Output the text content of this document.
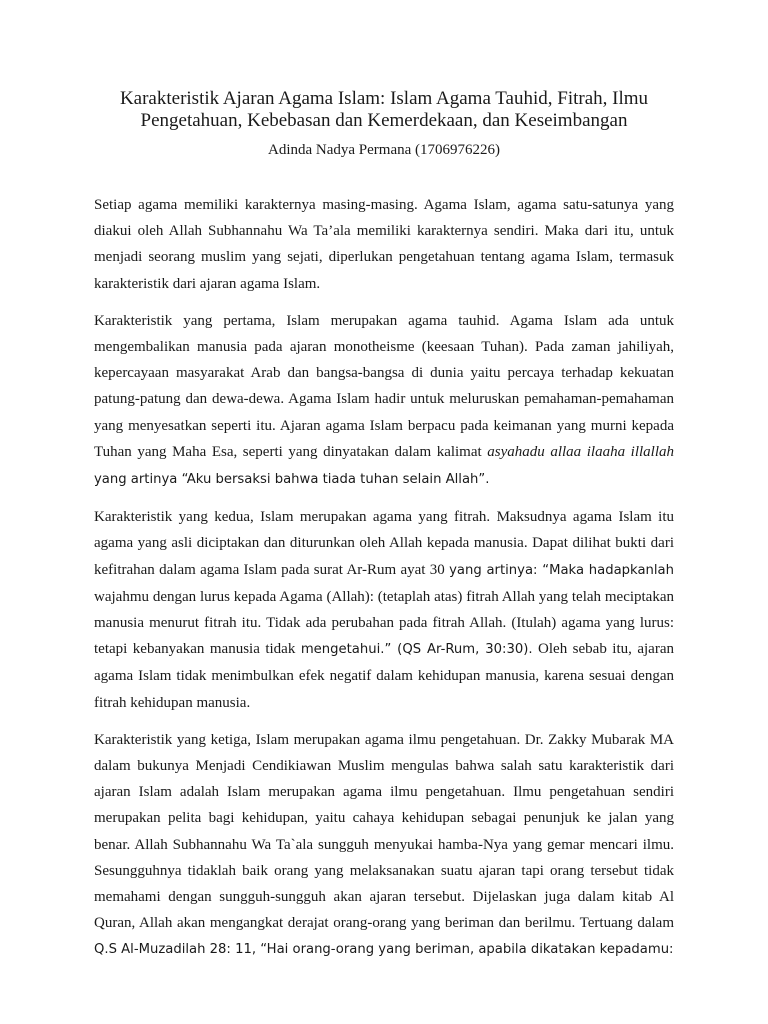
Karakteristik Ajaran Agama Islam: Islam Agama Tauhid, Fitrah, Ilmu Pengetahuan, Kebebasan dan Kemerdekaan, dan Keseimbangan
Adinda Nadya Permana (1706976226)

Setiap agama memiliki karakternya masing-masing. Agama Islam, agama satu-satunya yang diakui oleh Allah Subhannahu Wa Ta’ala memiliki karakternya sendiri. Maka dari itu, untuk menjadi seorang muslim yang sejati, diperlukan pengetahuan tentang agama Islam, termasuk karakteristik dari ajaran agama Islam.

Karakteristik yang pertama, Islam merupakan agama tauhid. Agama Islam ada untuk mengembalikan manusia pada ajaran monotheisme (keesaan Tuhan). Pada zaman jahiliyah, kepercayaan masyarakat Arab dan bangsa-bangsa di dunia yaitu percaya terhadap kekuatan patung-patung dan dewa-dewa. Agama Islam hadir untuk meluruskan pemahaman-pemahaman yang menyesatkan seperti itu. Ajaran agama Islam berpacu pada keimanan yang murni kepada Tuhan yang Maha Esa, seperti yang dinyatakan dalam kalimat asyahadu allaa ilaaha illallah yang artinya “Aku bersaksi bahwa tiada tuhan selain Allah”.

Karakteristik yang kedua, Islam merupakan agama yang fitrah. Maksudnya agama Islam itu agama yang asli diciptakan dan diturunkan oleh Allah kepada manusia. Dapat dilihat bukti dari kefitrahan dalam agama Islam pada surat Ar-Rum ayat 30 yang artinya: “Maka hadapkanlah wajahmu dengan lurus kepada Agama (Allah): (tetaplah atas) fitrah Allah yang telah meciptakan manusia menurut fitrah itu. Tidak ada perubahan pada fitrah Allah. (Itulah) agama yang lurus: tetapi kebanyakan manusia tidak mengetahui.” (QS Ar-Rum, 30:30). Oleh sebab itu, ajaran agama Islam tidak menimbulkan efek negatif dalam kehidupan manusia, karena sesuai dengan fitrah kehidupan manusia.

Karakteristik yang ketiga, Islam merupakan agama ilmu pengetahuan. Dr. Zakky Mubarak MA dalam bukunya Menjadi Cendikiawan Muslim mengulas bahwa salah satu karakteristik dari ajaran Islam adalah Islam merupakan agama ilmu pengetahuan. Ilmu pengetahuan sendiri merupakan pelita bagi kehidupan, yaitu cahaya kehidupan sebagai penunjuk ke jalan yang benar. Allah Subhannahu Wa Ta`ala sungguh menyukai hamba-Nya yang gemar mencari ilmu. Sesungguhnya tidaklah baik orang yang melaksanakan suatu ajaran tapi orang tersebut tidak memahami dengan sungguh-sungguh akan ajaran tersebut. Dijelaskan juga dalam kitab Al Quran, Allah akan mengangkat derajat orang-orang yang beriman dan berilmu. Tertuang dalam Q.S Al-Muzadilah 28: 11, “Hai orang-orang yang beriman, apabila dikatakan kepadamu:
